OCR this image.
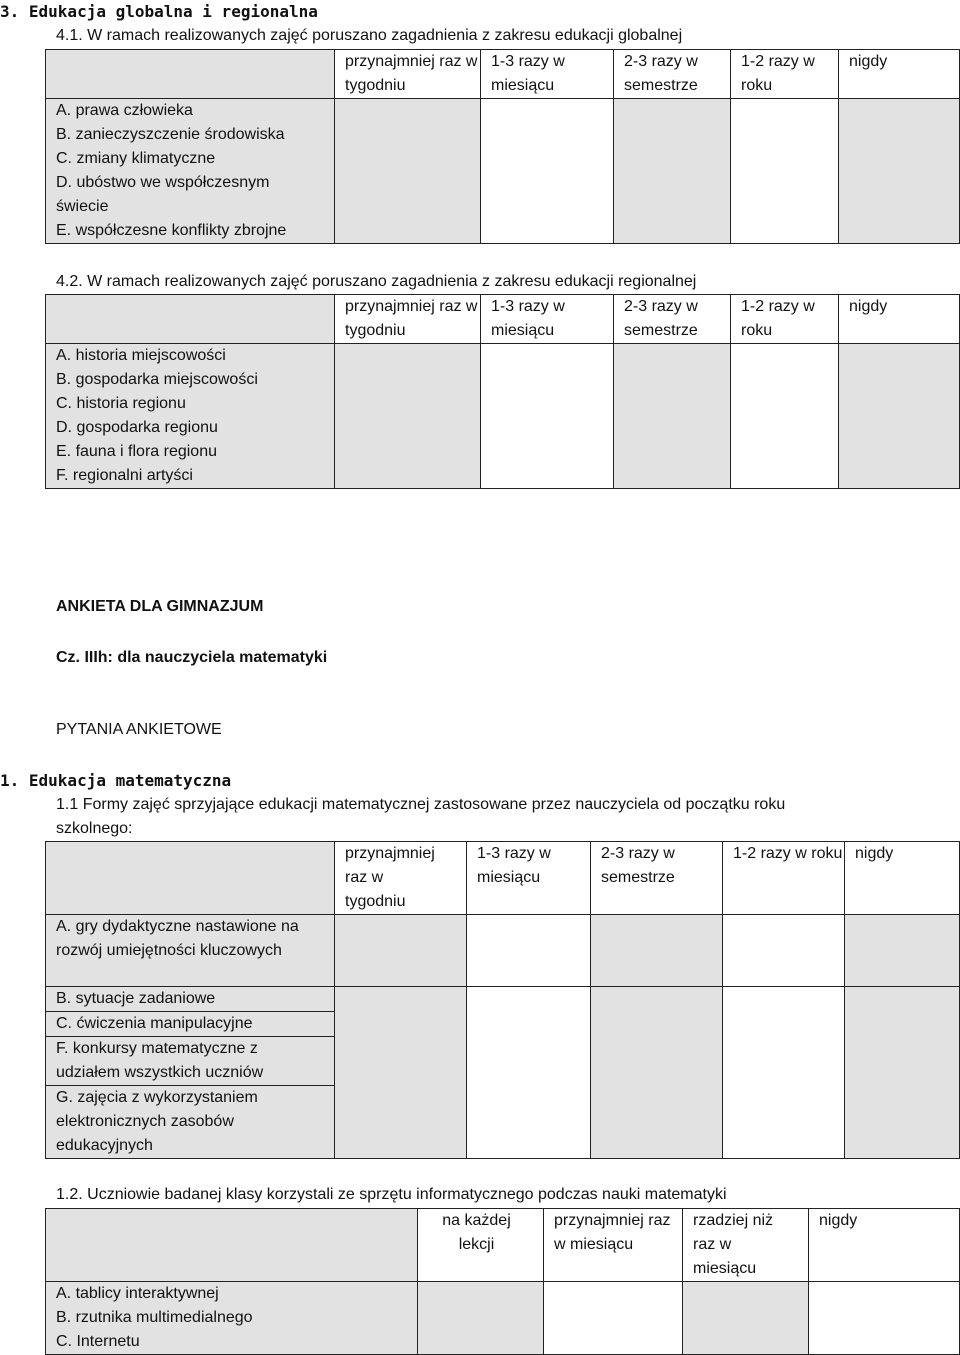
3. Edukacja globalna i regionalna
4.1. W ramach realizowanych zajęć poruszano zagadnienia z zakresu edukacji globalnej
	przynajmniej raz w tygodniu	1-3 razy w miesiącu	2-3 razy w semestrze	1-2 razy w roku	nigdy
A. prawa człowieka					
B. zanieczyszczenie środowiska					
C. zmiany klimatyczne					
D. ubóstwo we współczesnym świecie					
E. współczesne konflikty zbrojne					
4.2. W ramach realizowanych zajęć poruszano zagadnienia z zakresu edukacji regionalnej
	przynajmniej raz w tygodniu	1-3 razy w miesiącu	2-3 razy w semestrze	1-2 razy w roku	nigdy
A. historia miejscowości					
B. gospodarka miejscowości					
C. historia regionu					
D. gospodarka regionu					
E. fauna i flora regionu					
F. regionalni artyści					
ANKIETA DLA GIMNAZJUM
Cz. IIIh: dla nauczyciela matematyki
PYTANIA ANKIETOWE
1. Edukacja matematyczna
1.1 Formy zajęć sprzyjające edukacji matematycznej zastosowane przez nauczyciela od początku roku
szkolnego:
	przynajmniej raz w tygodniu	1-3 razy w miesiącu	2-3 razy w semestrze	1-2 razy w roku	nigdy
A. gry dydaktyczne nastawione na rozwój umiejętności kluczowych					
B. sytuacje zadaniowe					
C. ćwiczenia manipulacyjne					
F. konkursy matematyczne z udziałem wszystkich uczniów					
G. zajęcia z wykorzystaniem elektronicznych zasobów edukacyjnych					
1.2. Uczniowie badanej klasy korzystali ze sprzętu informatycznego podczas nauki matematyki
	na każdej lekcji	przynajmniej raz w miesiącu	rzadziej niż raz w miesiącu	nigdy
A. tablicy interaktywnej				
B. rzutnika multimedialnego				
C. Internetu				
